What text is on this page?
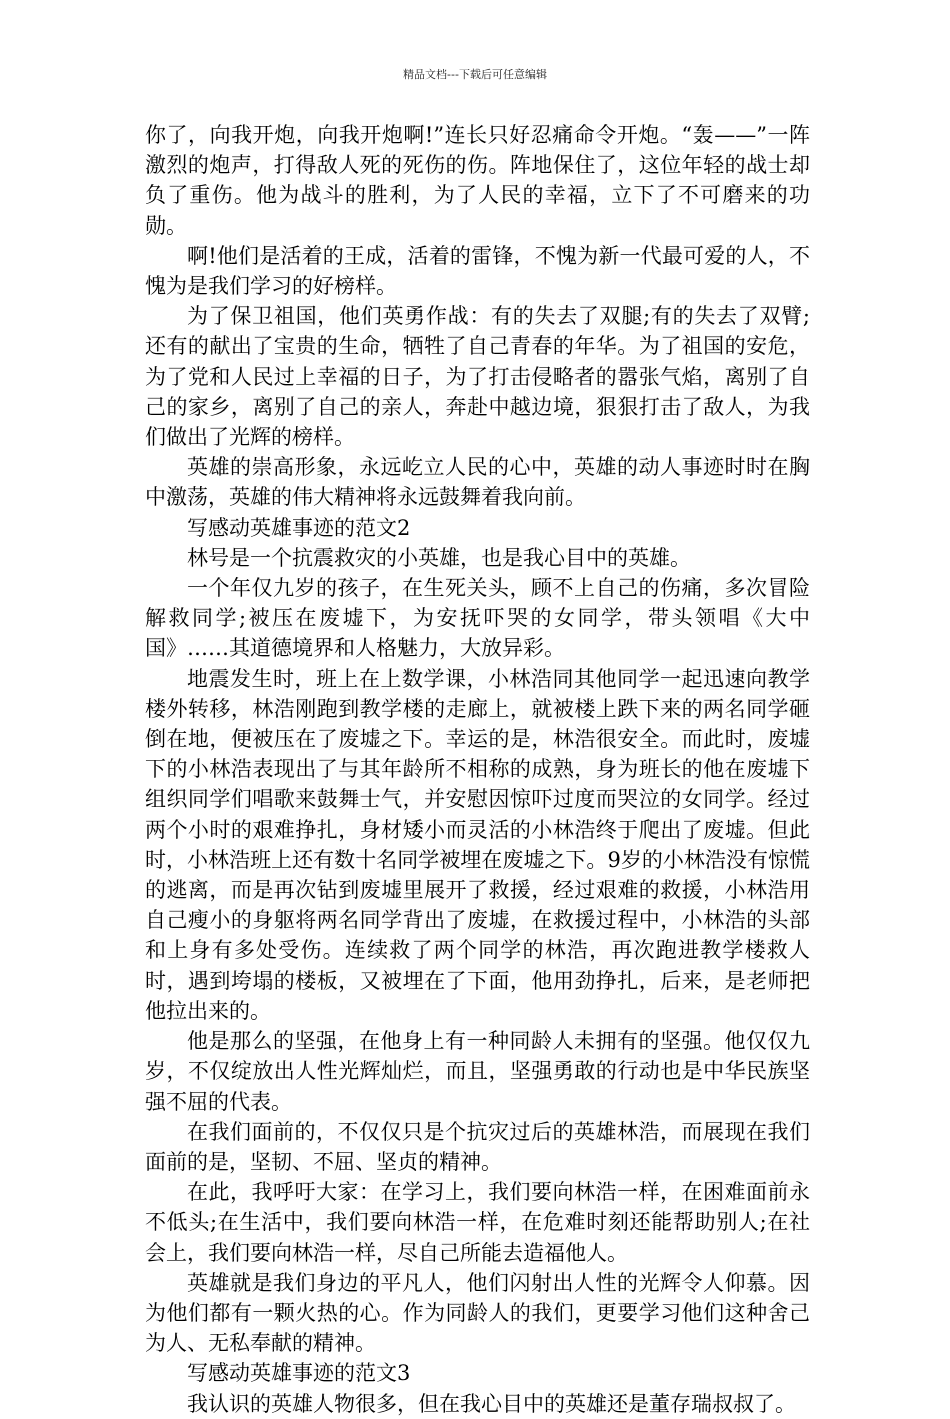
精品文档---下载后可任意编辑

你了，向我开炮，向我开炮啊!”连长只好忍痛命令开炮。“轰——”一阵激烈的炮声，打得敌人死的死伤的伤。阵地保住了，这位年轻的战士却负了重伤。他为战斗的胜利，为了人民的幸福，立下了不可磨来的功勋。

啊!他们是活着的王成，活着的雷锋，不愧为新一代最可爱的人，不愧为是我们学习的好榜样。

为了保卫祖国，他们英勇作战：有的失去了双腿;有的失去了双臂;还有的献出了宝贵的生命，牺牲了自己青春的年华。为了祖国的安危，为了党和人民过上幸福的日子，为了打击侵略者的嚣张气焰，离别了自己的家乡，离别了自己的亲人，奔赴中越边境，狠狠打击了敌人，为我们做出了光辉的榜样。

英雄的崇高形象，永远屹立人民的心中，英雄的动人事迹时时在胸中激荡，英雄的伟大精神将永远鼓舞着我向前。

写感动英雄事迹的范文2

林号是一个抗震救灾的小英雄，也是我心目中的英雄。

一个年仅九岁的孩子，在生死关头，顾不上自己的伤痛，多次冒险解救同学;被压在废墟下，为安抚吓哭的女同学，带头领唱《大中国》……其道德境界和人格魅力，大放异彩。

地震发生时，班上在上数学课，小林浩同其他同学一起迅速向教学楼外转移，林浩刚跑到教学楼的走廊上，就被楼上跌下来的两名同学砸倒在地，便被压在了废墟之下。幸运的是，林浩很安全。而此时，废墟下的小林浩表现出了与其年龄所不相称的成熟，身为班长的他在废墟下组织同学们唱歌来鼓舞士气，并安慰因惊吓过度而哭泣的女同学。经过两个小时的艰难挣扎，身材矮小而灵活的小林浩终于爬出了废墟。但此时，小林浩班上还有数十名同学被埋在废墟之下。9岁的小林浩没有惊慌的逃离，而是再次钻到废墟里展开了救援，经过艰难的救援，小林浩用自己瘦小的身躯将两名同学背出了废墟，在救援过程中，小林浩的头部和上身有多处受伤。连续救了两个同学的林浩，再次跑进教学楼救人时，遇到垮塌的楼板，又被埋在了下面，他用劲挣扎，后来，是老师把他拉出来的。

他是那么的坚强，在他身上有一种同龄人未拥有的坚强。他仅仅九岁，不仅绽放出人性光辉灿烂，而且，坚强勇敢的行动也是中华民族坚强不屈的代表。

在我们面前的，不仅仅只是个抗灾过后的英雄林浩，而展现在我们面前的是，坚韧、不屈、坚贞的精神。

在此，我呼吁大家：在学习上，我们要向林浩一样，在困难面前永不低头;在生活中，我们要向林浩一样，在危难时刻还能帮助别人;在社会上，我们要向林浩一样，尽自己所能去造福他人。

英雄就是我们身边的平凡人，他们闪射出人性的光辉令人仰慕。因为他们都有一颗火热的心。作为同龄人的我们，更要学习他们这种舍己为人、无私奉献的精神。

写感动英雄事迹的范文3

我认识的英雄人物很多，但在我心目中的英雄还是董存瑞叔叔了。
